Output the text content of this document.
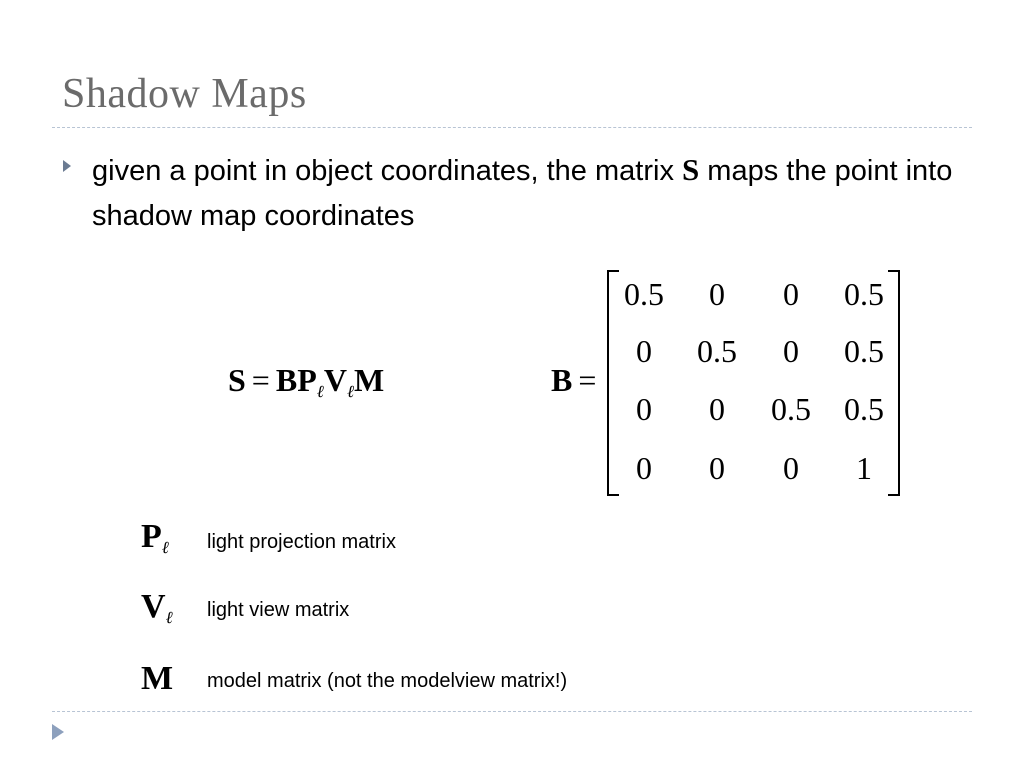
Shadow Maps
given a point in object coordinates, the matrix S maps the point into shadow map coordinates
$S = BP_\ell V_\ell M$	B =
0.5	0	0	0.5
0	0.5	0	0.5
0	0	0.5	0.5
0	0	0	1
$P_\ell$ light projection matrix
$V_\ell$ light view matrix
M model matrix (not the modelview matrix!)
